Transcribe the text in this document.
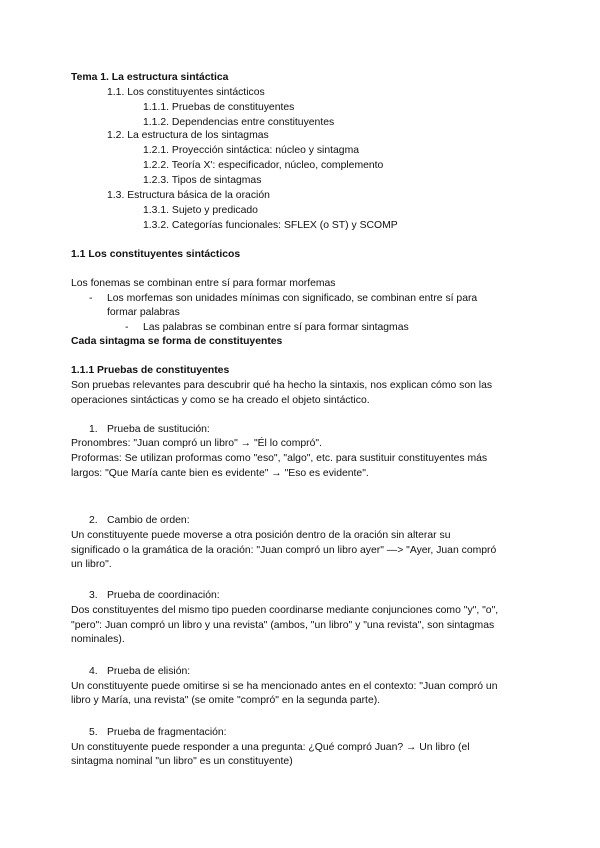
Tema 1. La estructura sintáctica
1.1. Los constituyentes sintácticos
1.1.1. Pruebas de constituyentes
1.1.2. Dependencias entre constituyentes
1.2. La estructura de los sintagmas
1.2.1. Proyección sintáctica: núcleo y sintagma
1.2.2. Teoría X': especificador, núcleo, complemento
1.2.3. Tipos de sintagmas
1.3. Estructura básica de la oración
1.3.1. Sujeto y predicado
1.3.2. Categorías funcionales: SFLEX (o ST) y SCOMP
1.1 Los constituyentes sintácticos
Los fonemas se combinan entre sí para formar morfemas
- Los morfemas son unidades mínimas con significado, se combinan entre sí para
formar palabras
- Las palabras se combinan entre sí para formar sintagmas
Cada sintagma se forma de constituyentes
1.1.1 Pruebas de constituyentes
Son pruebas relevantes para descubrir qué ha hecho la sintaxis, nos explican cómo son las
operaciones sintácticas y como se ha creado el objeto sintáctico.
1. Prueba de sustitución:
Pronombres: "Juan compró un libro" → "Él lo compró".
Proformas: Se utilizan proformas como "eso", "algo", etc. para sustituir constituyentes más
largos: "Que María cante bien es evidente" → "Eso es evidente".
2. Cambio de orden:
Un constituyente puede moverse a otra posición dentro de la oración sin alterar su
significado o la gramática de la oración: "Juan compró un libro ayer" —> "Ayer, Juan compró
un libro".
3. Prueba de coordinación:
Dos constituyentes del mismo tipo pueden coordinarse mediante conjunciones como "y", "o",
"pero": Juan compró un libro y una revista" (ambos, "un libro" y "una revista", son sintagmas
nominales).
4. Prueba de elisión:
Un constituyente puede omitirse si se ha mencionado antes en el contexto: "Juan compró un
libro y María, una revista" (se omite "compró" en la segunda parte).
5. Prueba de fragmentación:
Un constituyente puede responder a una pregunta: ¿Qué compró Juan? → Un libro (el
sintagma nominal "un libro" es un constituyente)
